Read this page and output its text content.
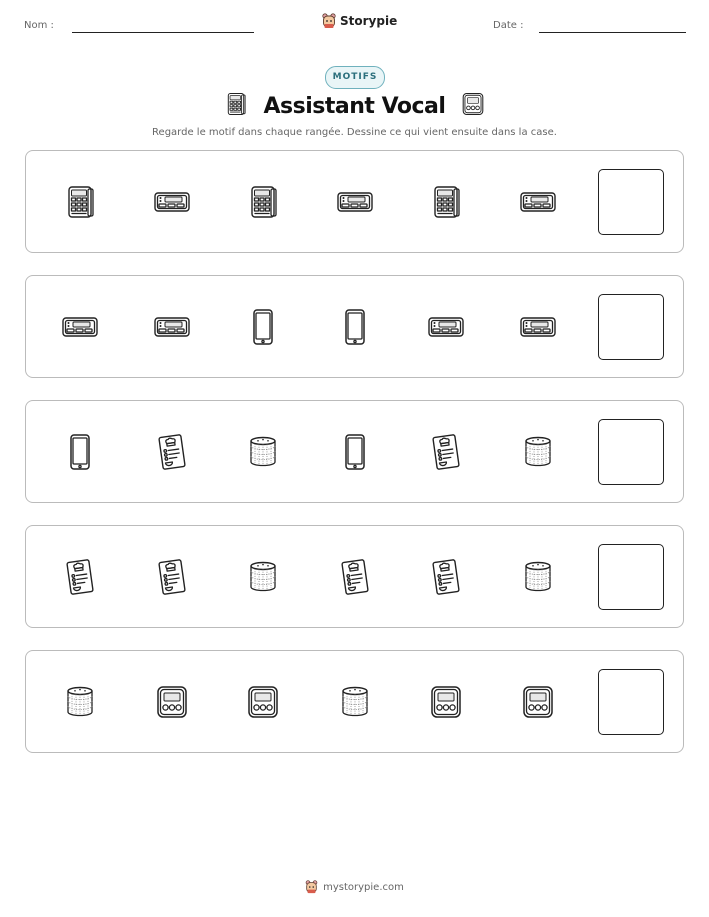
Nom :	Storypie	Date :
MOTIFS
Assistant Vocal
Regarde le motif dans chaque rangée. Dessine ce qui vient ensuite dans la case.
mystorypie.com
